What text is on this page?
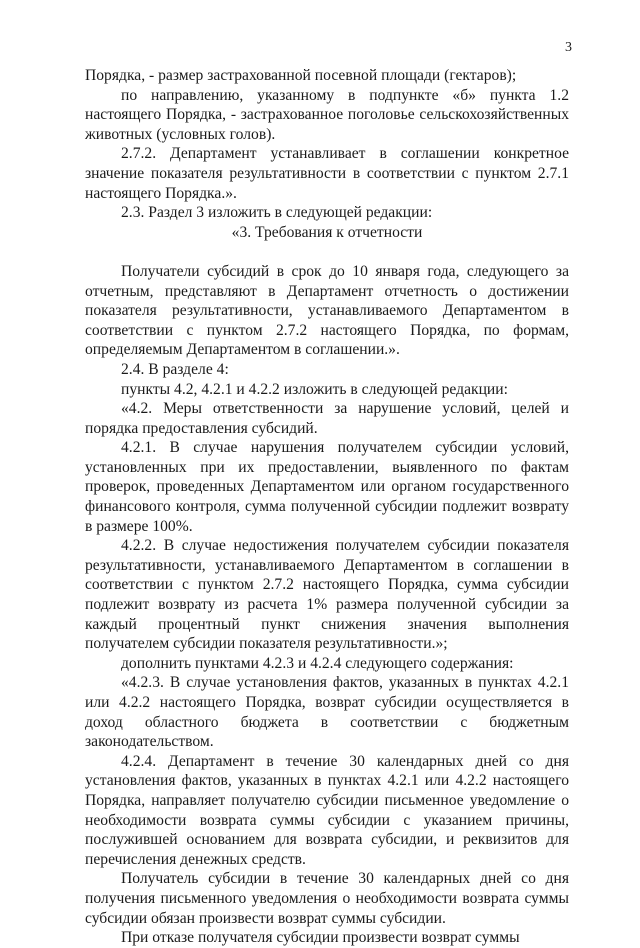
3

Порядка, - размер застрахованной посевной площади (гектаров);

по направлению, указанному в подпункте «б» пункта 1.2 настоящего Порядка, - застрахованное поголовье сельскохозяйственных животных (условных голов).

2.7.2. Департамент устанавливает в соглашении конкретное значение показателя результативности в соответствии с пунктом 2.7.1 настоящего Порядка.».

2.3. Раздел 3 изложить в следующей редакции:

«3. Требования к отчетности

Получатели субсидий в срок до 10 января года, следующего за отчетным, представляют в Департамент отчетность о достижении показателя результативности, устанавливаемого Департаментом в соответствии с пунктом 2.7.2 настоящего Порядка, по формам, определяемым Департаментом в соглашении.».

2.4. В разделе 4:

пункты 4.2, 4.2.1 и 4.2.2 изложить в следующей редакции:

«4.2. Меры ответственности за нарушение условий, целей и порядка предоставления субсидий.

4.2.1. В случае нарушения получателем субсидии условий, установленных при их предоставлении, выявленного по фактам проверок, проведенных Департаментом или органом государственного финансового контроля, сумма полученной субсидии подлежит возврату в размере 100%.

4.2.2. В случае недостижения получателем субсидии показателя результативности, устанавливаемого Департаментом в соглашении в соответствии с пунктом 2.7.2 настоящего Порядка, сумма субсидии подлежит возврату из расчета 1% размера полученной субсидии за каждый процентный пункт снижения значения выполнения получателем субсидии показателя результативности.»;

дополнить пунктами 4.2.3 и 4.2.4 следующего содержания:

«4.2.3. В случае установления фактов, указанных в пунктах 4.2.1 или 4.2.2 настоящего Порядка, возврат субсидии осуществляется в доход областного бюджета в соответствии с бюджетным законодательством.

4.2.4. Департамент в течение 30 календарных дней со дня установления фактов, указанных в пунктах 4.2.1 или 4.2.2 настоящего Порядка, направляет получателю субсидии письменное уведомление о необходимости возврата суммы субсидии с указанием причины, послужившей основанием для возврата субсидии, и реквизитов для перечисления денежных средств.

Получатель субсидии в течение 30 календарных дней со дня получения письменного уведомления о необходимости возврата суммы субсидии обязан произвести возврат суммы субсидии.

При отказе получателя субсидии произвести возврат суммы
